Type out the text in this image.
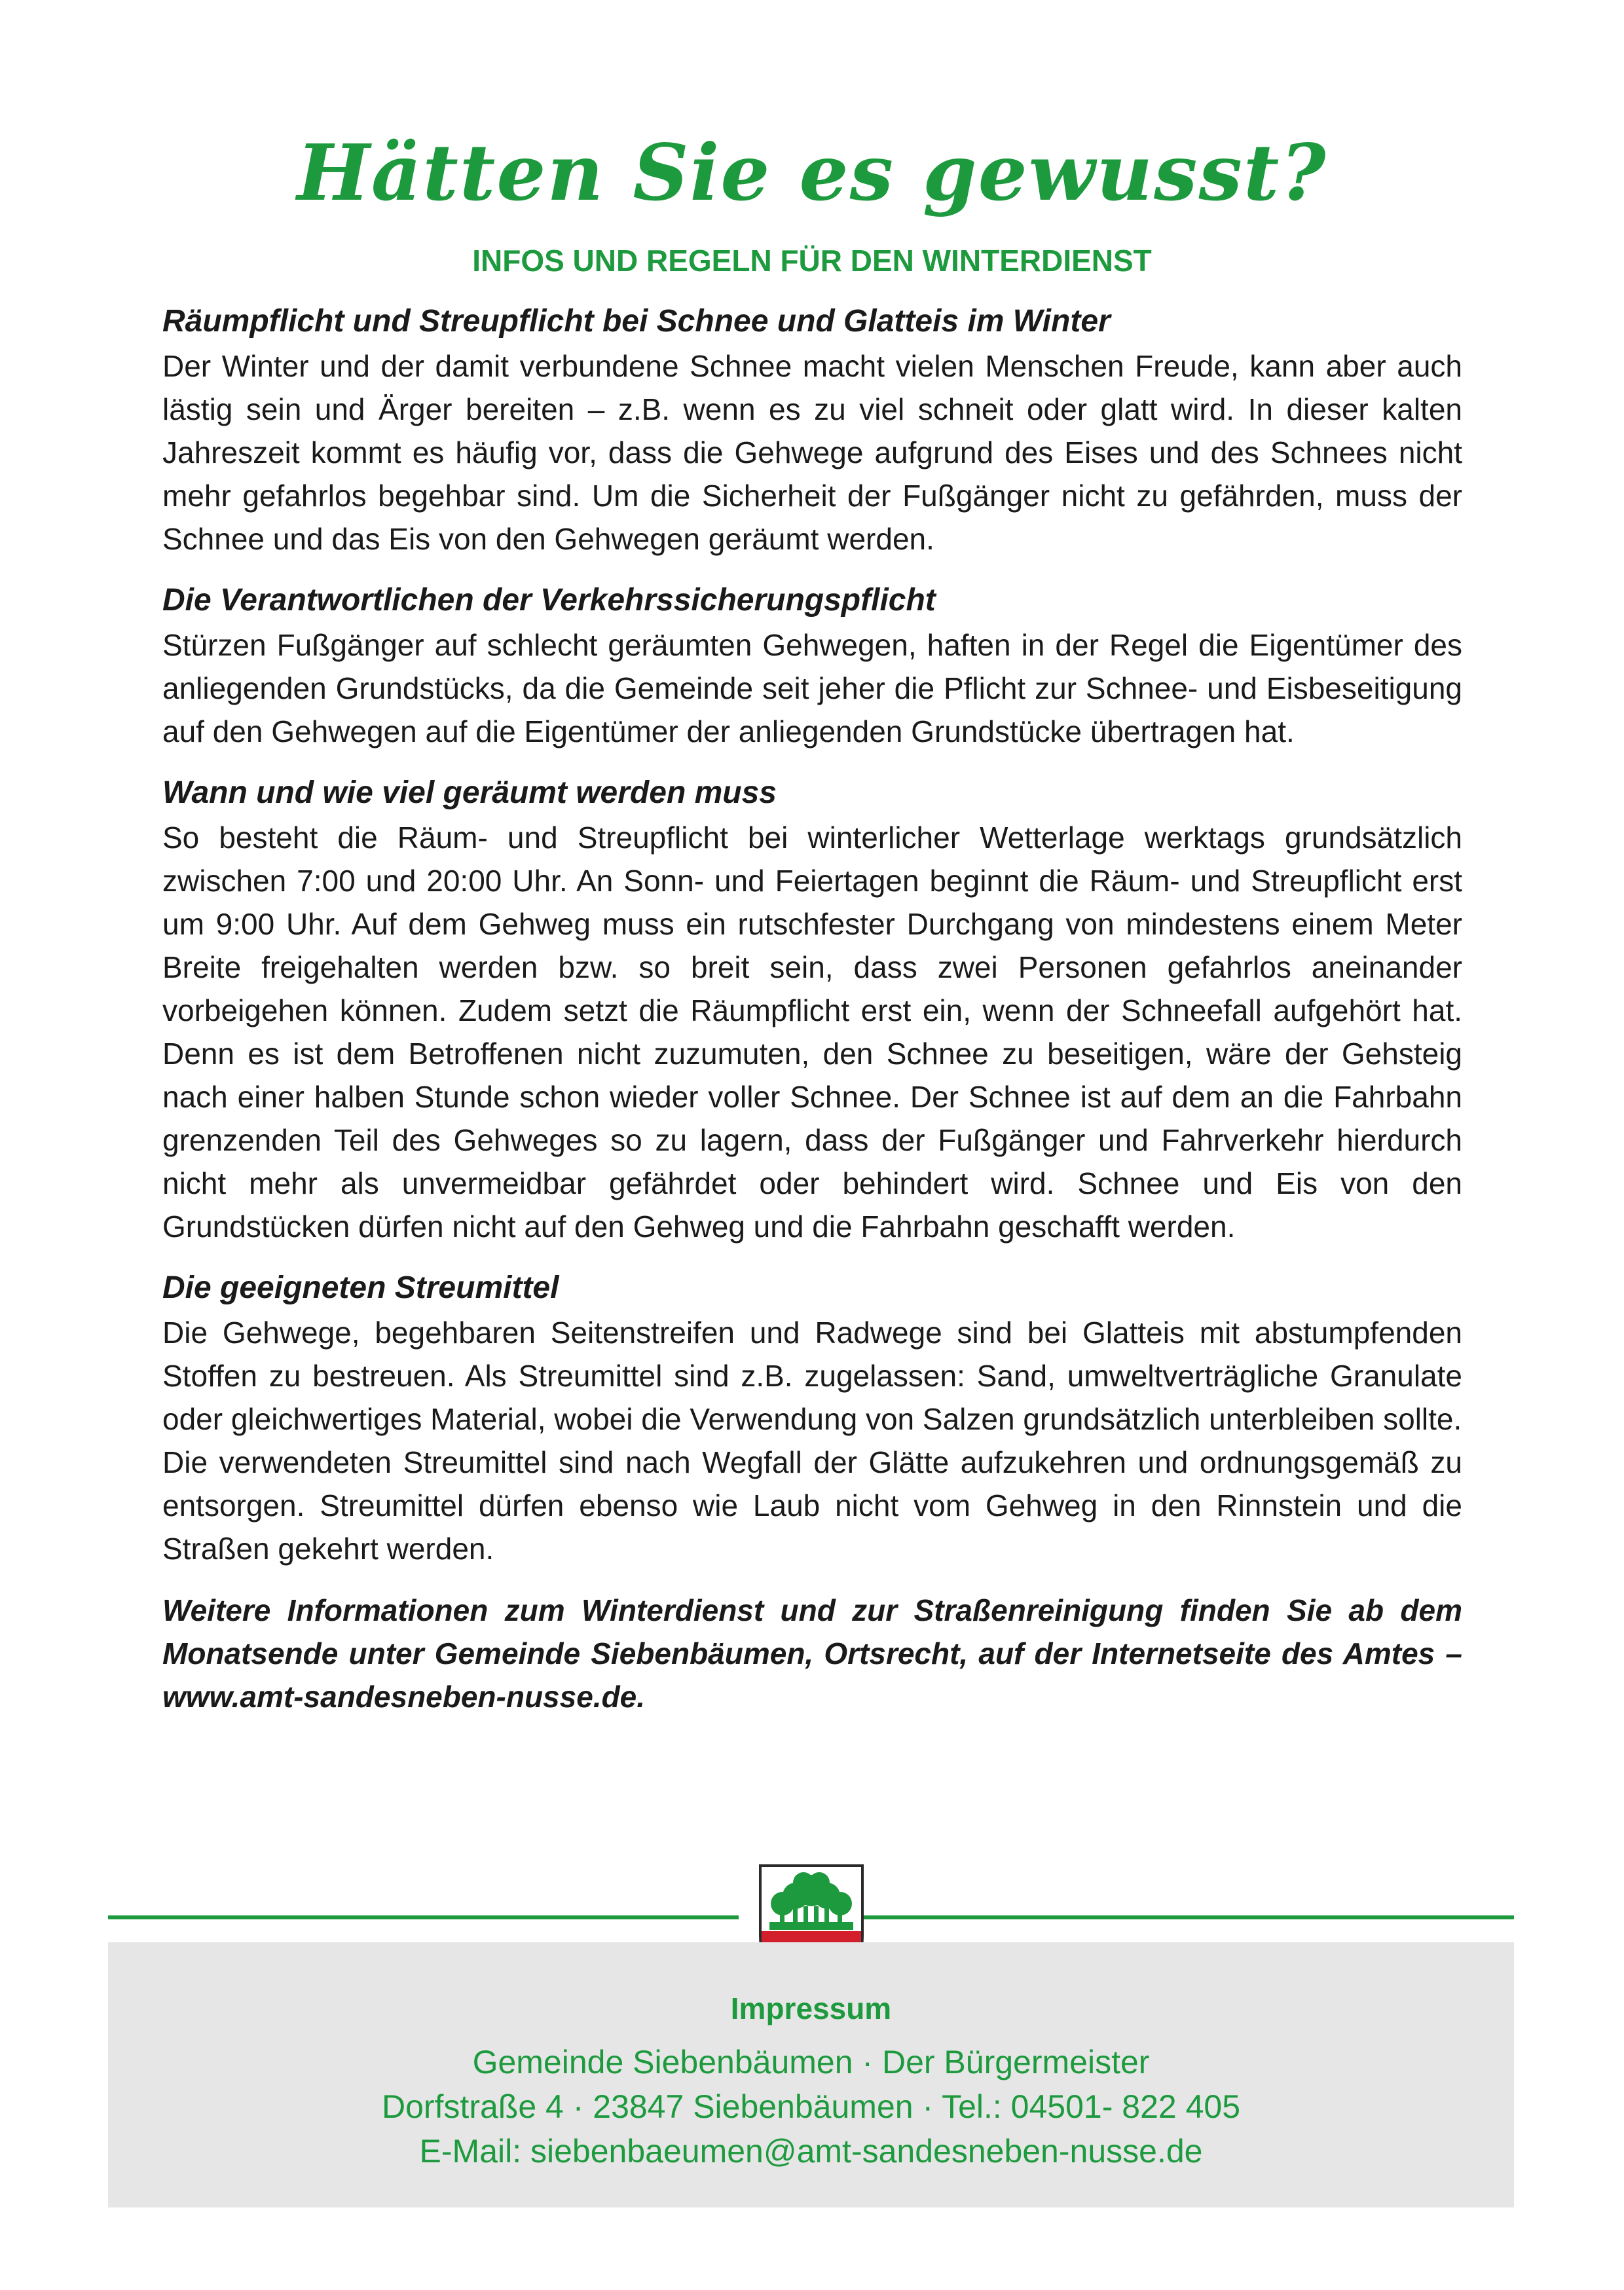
Hätten Sie es gewusst?
INFOS UND REGELN FÜR DEN WINTERDIENST

Räumpflicht und Streupflicht bei Schnee und Glatteis im Winter

Der Winter und der damit verbundene Schnee macht vielen Menschen Freude, kann aber auch lästig sein und Ärger bereiten – z.B. wenn es zu viel schneit oder glatt wird. In dieser kalten Jahreszeit kommt es häufig vor, dass die Gehwege aufgrund des Eises und des Schnees nicht mehr gefahrlos begehbar sind. Um die Sicherheit der Fußgänger nicht zu gefährden, muss der Schnee und das Eis von den Gehwegen geräumt werden.

Die Verantwortlichen der Verkehrssicherungspflicht

Stürzen Fußgänger auf schlecht geräumten Gehwegen, haften in der Regel die Eigentümer des anliegenden Grundstücks, da die Gemeinde seit jeher die Pflicht zur Schnee- und Eisbeseitigung auf den Gehwegen auf die Eigentümer der anliegenden Grundstücke übertragen hat.

Wann und wie viel geräumt werden muss

So besteht die Räum- und Streupflicht bei winterlicher Wetterlage werktags grundsätzlich zwischen 7:00 und 20:00 Uhr. An Sonn- und Feiertagen beginnt die Räum- und Streupflicht erst um 9:00 Uhr. Auf dem Gehweg muss ein rutschfester Durchgang von mindestens einem Meter Breite freigehalten werden bzw. so breit sein, dass zwei Personen gefahrlos aneinander vorbeigehen können. Zudem setzt die Räumpflicht erst ein, wenn der Schneefall aufgehört hat. Denn es ist dem Betroffenen nicht zuzumuten, den Schnee zu beseitigen, wäre der Gehsteig nach einer halben Stunde schon wieder voller Schnee. Der Schnee ist auf dem an die Fahrbahn grenzenden Teil des Gehweges so zu lagern, dass der Fußgänger und Fahrverkehr hierdurch nicht mehr als unvermeidbar gefährdet oder behindert wird. Schnee und Eis von den Grundstücken dürfen nicht auf den Gehweg und die Fahrbahn geschafft werden.

Die geeigneten Streumittel

Die Gehwege, begehbaren Seitenstreifen und Radwege sind bei Glatteis mit abstumpfenden Stoffen zu bestreuen. Als Streumittel sind z.B. zugelassen: Sand, umweltverträgliche Granulate oder gleichwertiges Material, wobei die Verwendung von Salzen grundsätzlich unterbleiben sollte.

Die verwendeten Streumittel sind nach Wegfall der Glätte aufzukehren und ordnungsgemäß zu entsorgen. Streumittel dürfen ebenso wie Laub nicht vom Gehweg in den Rinnstein und die Straßen gekehrt werden.

Weitere Informationen zum Winterdienst und zur Straßenreinigung finden Sie ab dem Monatsende unter Gemeinde Siebenbäumen, Ortsrecht, auf der Internetseite des Amtes – www.amt-sandesneben-nusse.de.

Impressum
Gemeinde Siebenbäumen · Der Bürgermeister
Dorfstraße 4 · 23847 Siebenbäumen · Tel.: 04501- 822 405
E-Mail: siebenbaeumen@amt-sandesneben-nusse.de
